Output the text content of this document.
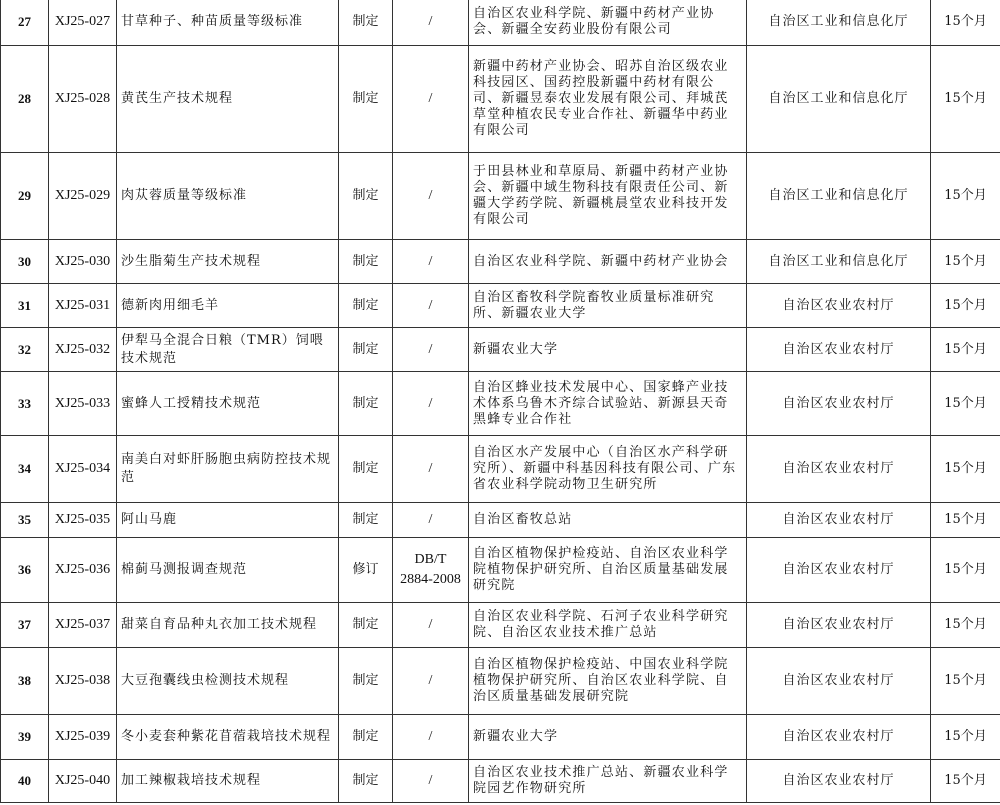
27	XJ25-027	甘草种子、种苗质量等级标准	制定	/	自治区农业科学院、新疆中药材产业协会、新疆全安药业股份有限公司	自治区工业和信息化厅	15个月
28	XJ25-028	黄芪生产技术规程	制定	/	新疆中药材产业协会、昭苏自治区级农业科技园区、国药控股新疆中药材有限公司、新疆昱泰农业发展有限公司、拜城芪草堂种植农民专业合作社、新疆华中药业有限公司	自治区工业和信息化厅	15个月
29	XJ25-029	肉苁蓉质量等级标准	制定	/	于田县林业和草原局、新疆中药材产业协会、新疆中域生物科技有限责任公司、新疆大学药学院、新疆桃晨堂农业科技开发有限公司	自治区工业和信息化厅	15个月
30	XJ25-030	沙生脂菊生产技术规程	制定	/	自治区农业科学院、新疆中药材产业协会	自治区工业和信息化厅	15个月
31	XJ25-031	德新肉用细毛羊	制定	/	自治区畜牧科学院畜牧业质量标准研究所、新疆农业大学	自治区农业农村厅	15个月
32	XJ25-032	伊犁马全混合日粮（TMR）饲喂技术规范	制定	/	新疆农业大学	自治区农业农村厅	15个月
33	XJ25-033	蜜蜂人工授精技术规范	制定	/	自治区蜂业技术发展中心、国家蜂产业技术体系乌鲁木齐综合试验站、新源县天奇黑蜂专业合作社	自治区农业农村厅	15个月
34	XJ25-034	南美白对虾肝肠胞虫病防控技术规范	制定	/	自治区水产发展中心（自治区水产科学研究所）、新疆中科基因科技有限公司、广东省农业科学院动物卫生研究所	自治区农业农村厅	15个月
35	XJ25-035	阿山马鹿	制定	/	自治区畜牧总站	自治区农业农村厅	15个月
36	XJ25-036	棉蓟马测报调查规范	修订	DB/T 2884-2008	自治区植物保护检疫站、自治区农业科学院植物保护研究所、自治区质量基础发展研究院	自治区农业农村厅	15个月
37	XJ25-037	甜菜自育品种丸衣加工技术规程	制定	/	自治区农业科学院、石河子农业科学研究院、自治区农业技术推广总站	自治区农业农村厅	15个月
38	XJ25-038	大豆孢囊线虫检测技术规程	制定	/	自治区植物保护检疫站、中国农业科学院植物保护研究所、自治区农业科学院、自治区质量基础发展研究院	自治区农业农村厅	15个月
39	XJ25-039	冬小麦套种紫花苜蓿栽培技术规程	制定	/	新疆农业大学	自治区农业农村厅	15个月
40	XJ25-040	加工辣椒栽培技术规程	制定	/	自治区农业技术推广总站、新疆农业科学院园艺作物研究所	自治区农业农村厅	15个月
